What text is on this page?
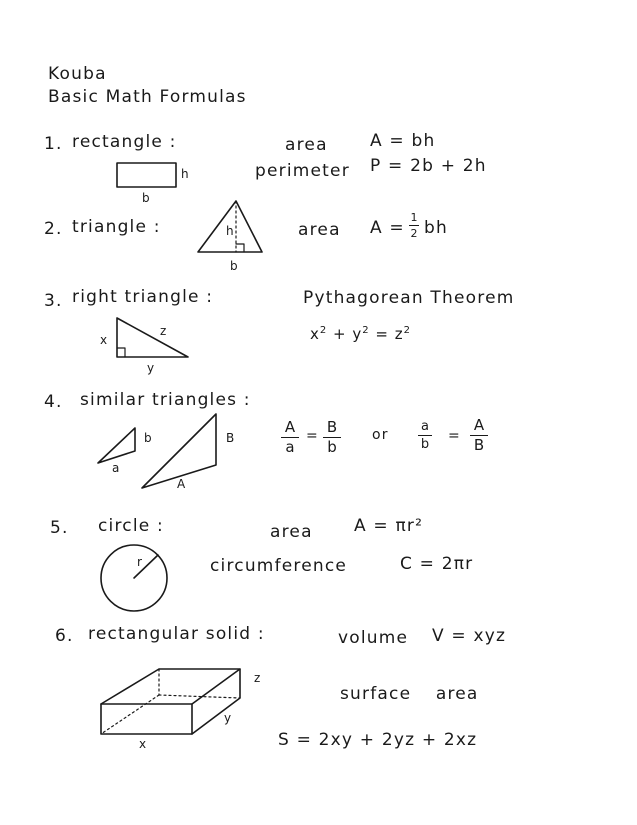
Kouba
Basic Math Formulas
1. rectangle :
h
b
area A = bh
perimeter P = 2b + 2h
2. triangle :	h
b
area A =
1
2 bh
3. right triangle :
x
z
y
Pythagorean Theorem
$x^2 + y^2 = z^2$
4. similar triangles :
b
a
B
A
A
a
= B
b
or
a
b
=
A
B
5. circle :
r
area A = πr²
circumference	C = 2πr
6. rectangular solid :
z
y
x
volume V = xyz
surface area
S = 2xy + 2yz + 2xz
